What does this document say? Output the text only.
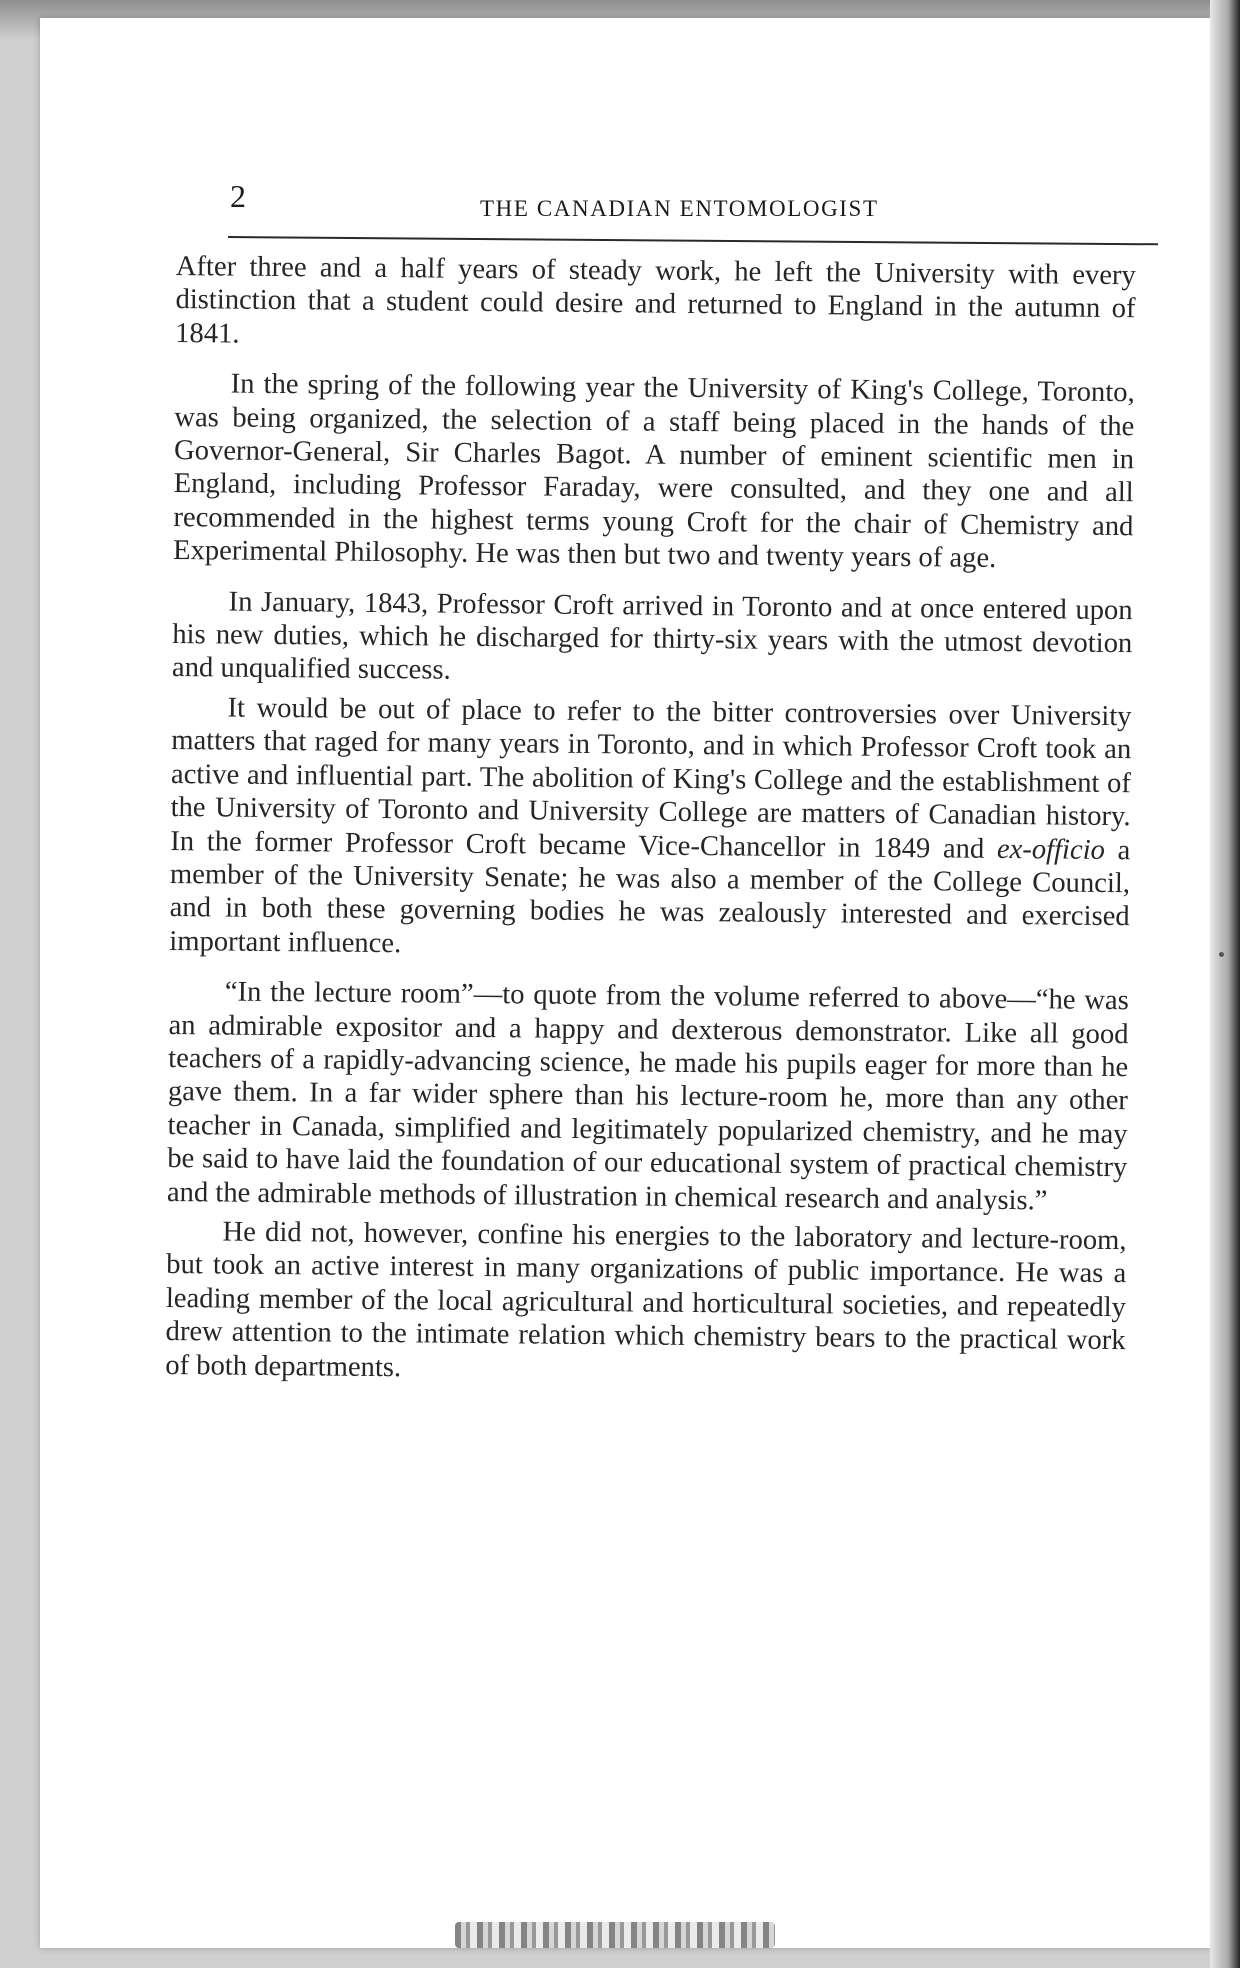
2	THE CANADIAN ENTOMOLOGIST

After three and a half years of steady work, he left the University with every distinction that a student could desire and returned to England in the autumn of 1841.

In the spring of the following year the University of King's College, Toronto, was being organized, the selection of a staff being placed in the hands of the Governor-General, Sir Charles Bagot. A number of eminent scientific men in England, including Professor Faraday, were consulted, and they one and all recommended in the highest terms young Croft for the chair of Chemistry and Experimental Philosophy. He was then but two and twenty years of age.

In January, 1843, Professor Croft arrived in Toronto and at once entered upon his new duties, which he discharged for thirty-six years with the utmost devotion and unqualified success.

It would be out of place to refer to the bitter controversies over University matters that raged for many years in Toronto, and in which Professor Croft took an active and influential part. The abolition of King's College and the establishment of the University of Toronto and University College are matters of Canadian history. In the former Professor Croft became Vice-Chancellor in 1849 and ex-officio a member of the University Senate; he was also a member of the College Council, and in both these governing bodies he was zealously interested and exercised important influence.

“In the lecture room”—to quote from the volume referred to above—“he was an admirable expositor and a happy and dexterous demonstrator. Like all good teachers of a rapidly-advancing science, he made his pupils eager for more than he gave them. In a far wider sphere than his lecture-room he, more than any other teacher in Canada, simplified and legitimately popularized chemistry, and he may be said to have laid the foundation of our educational system of practical chemistry and the admirable methods of illustration in chemical research and analysis.”

He did not, however, confine his energies to the laboratory and lecture-room, but took an active interest in many organizations of public importance. He was a leading member of the local agricultural and horticultural societies, and repeatedly drew attention to the intimate relation which chemistry bears to the practical work of both departments.
